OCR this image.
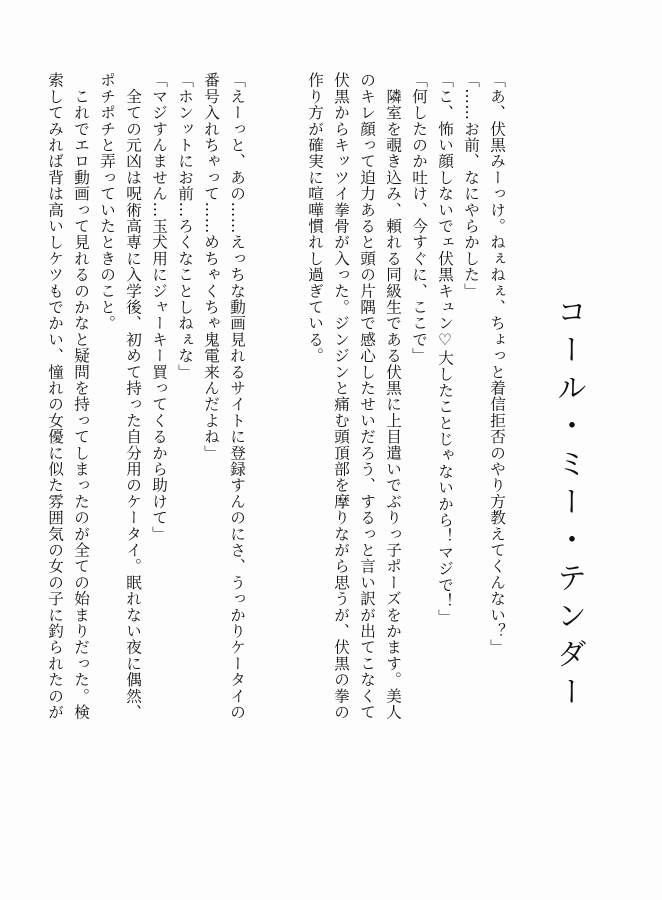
コール・ミー・テンダー
「あ、伏黒みーっけ。ねぇねぇ、ちょっと着信拒否のやり方教えてくんない？」
「……お前、なにやらかした」
「こ、怖い顔しないでェ伏黒キュン♡大したことじゃないから！マジで！」
「何したのか吐け、今すぐに、ここで」
　隣室を覗き込み、頼れる同級生である伏黒に上目遣いでぶりっ子ポーズをかます。美人
のキレ顔って迫力あると頭の片隅で感心したせいだろう、するっと言い訳が出てこなくて
伏黒からキッツイ拳骨が入った。ジンジンと痛む頭頂部を摩りながら思うが、伏黒の拳の
作り方が確実に喧嘩慣れし過ぎている。
「えーっと、あの……えっちな動画見れるサイトに登録すんのにさ、うっかりケータイの
番号入れちゃって……めちゃくちゃ鬼電来んだよね」
「ホンットにお前…ろくなことしねぇな」
「マジすんません…玉犬用にジャーキー買ってくるから助けて」
　全ての元凶は呪術高専に入学後、初めて持った自分用のケータイ。眠れない夜に偶然、
ポチポチと弄っていたときのこと。
　これでエロ動画って見れるのかなと疑問を持ってしまったのが全ての始まりだった。検
索してみれば背は高いしケツもでかい、憧れの女優に似た雰囲気の女の子に釣られたのが
